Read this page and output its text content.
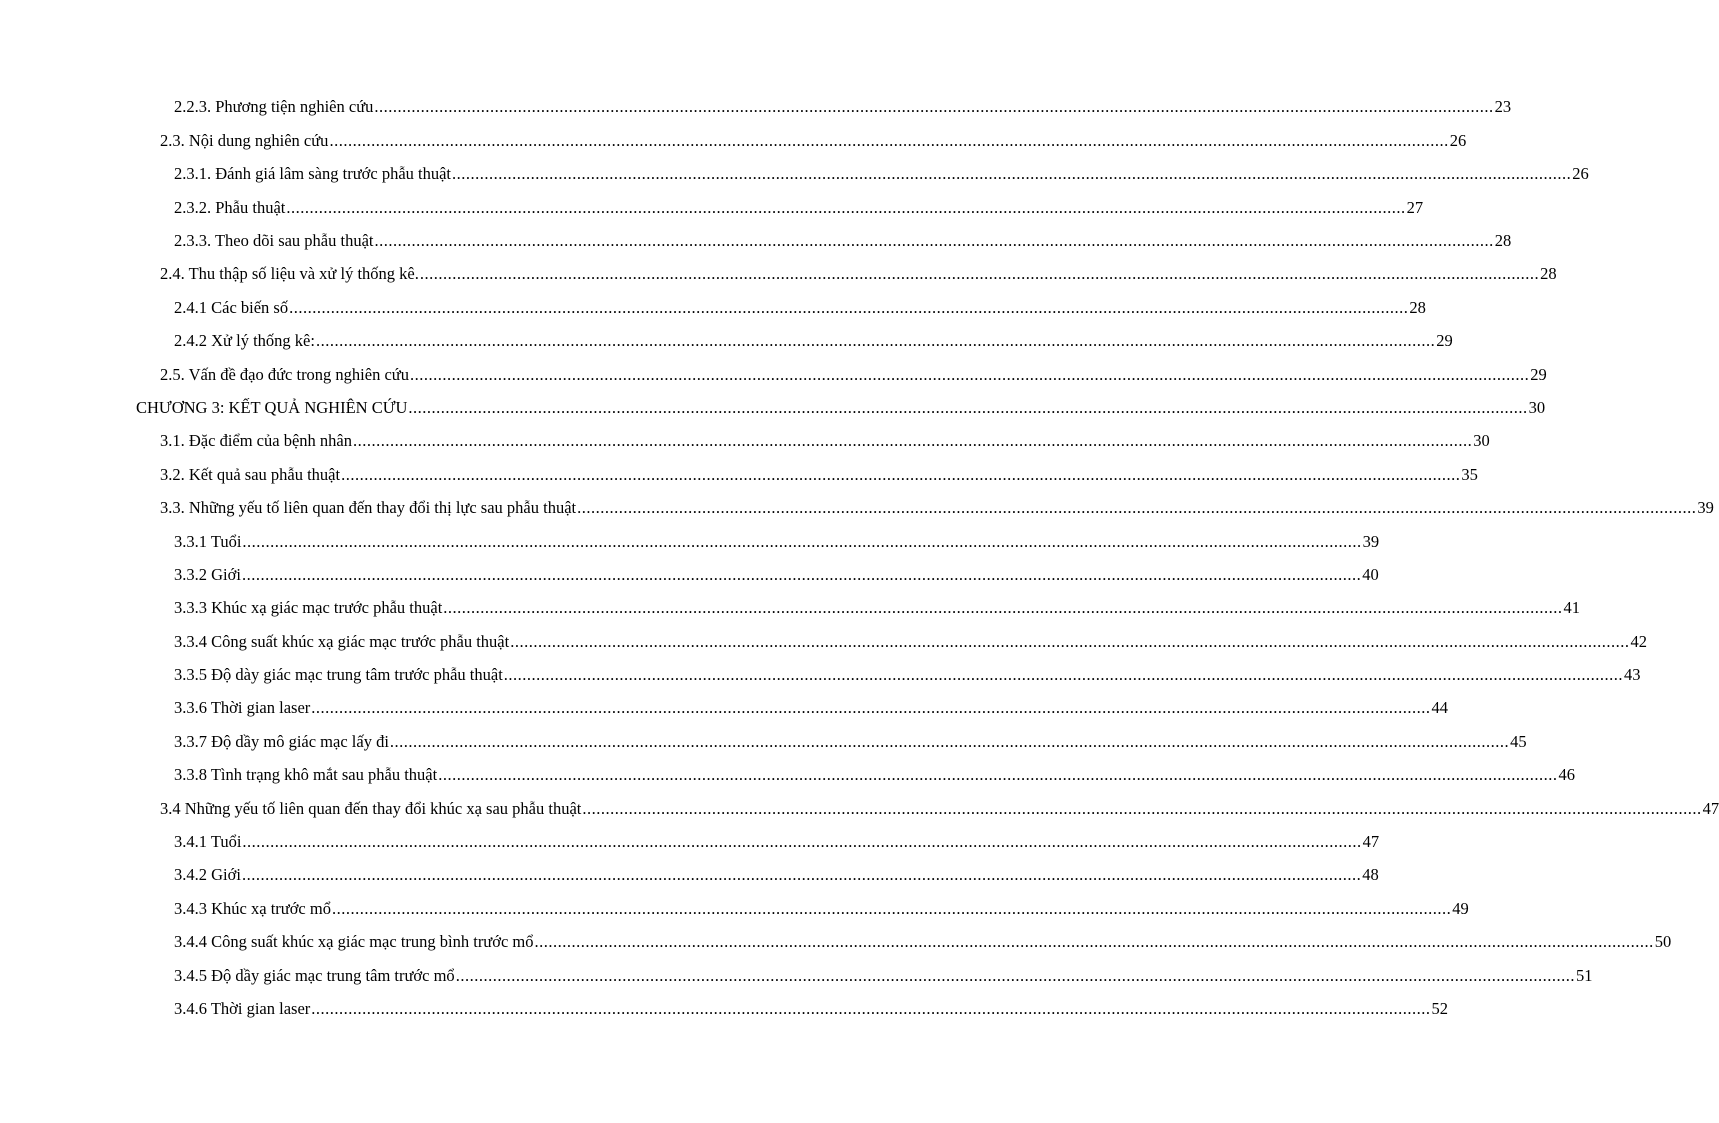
2.2.3. Phương tiện nghiên cứu .....	23
2.3. Nội dung nghiên cứu .....	26
2.3.1. Đánh giá lâm sàng trước phẫu thuật .....	26
2.3.2. Phẫu thuật .....	27
2.3.3. Theo dõi sau phẫu thuật .....	28
2.4. Thu thập số liệu và xử lý thống kê. .....	28
2.4.1 Các biến số .....	28
2.4.2 Xử lý thống kê: .....	29
2.5. Vấn đề đạo đức trong nghiên cứu .....	29
CHƯƠNG 3: KẾT QUẢ NGHIÊN CỨU .....	30
3.1. Đặc điểm của bệnh nhân .....	30
3.2. Kết quả sau phẫu thuật .....	35
3.3. Những yếu tố liên quan đến thay đổi thị lực sau phẫu thuật .....	39
3.3.1 Tuổi .....	39
3.3.2 Giới .....	40
3.3.3 Khúc xạ giác mạc trước phẫu thuật .....	41
3.3.4 Công suất khúc xạ giác mạc trước phẫu thuật .....	42
3.3.5 Độ dày giác mạc trung tâm trước phẫu thuật .....	43
3.3.6 Thời gian laser .....	44
3.3.7 Độ dầy mô giác mạc lấy đi .....	45
3.3.8 Tình trạng khô mắt sau phẫu thuật .....	46
3.4 Những yếu tố liên quan đến thay đổi khúc xạ sau phẫu thuật .....	47
3.4.1 Tuổi .....	47
3.4.2 Giới .....	48
3.4.3 Khúc xạ trước mổ .....	49
3.4.4 Công suất khúc xạ giác mạc trung bình trước mổ .....	50
3.4.5 Độ dầy giác mạc trung tâm trước mổ .....	51
3.4.6 Thời gian laser .....	52
